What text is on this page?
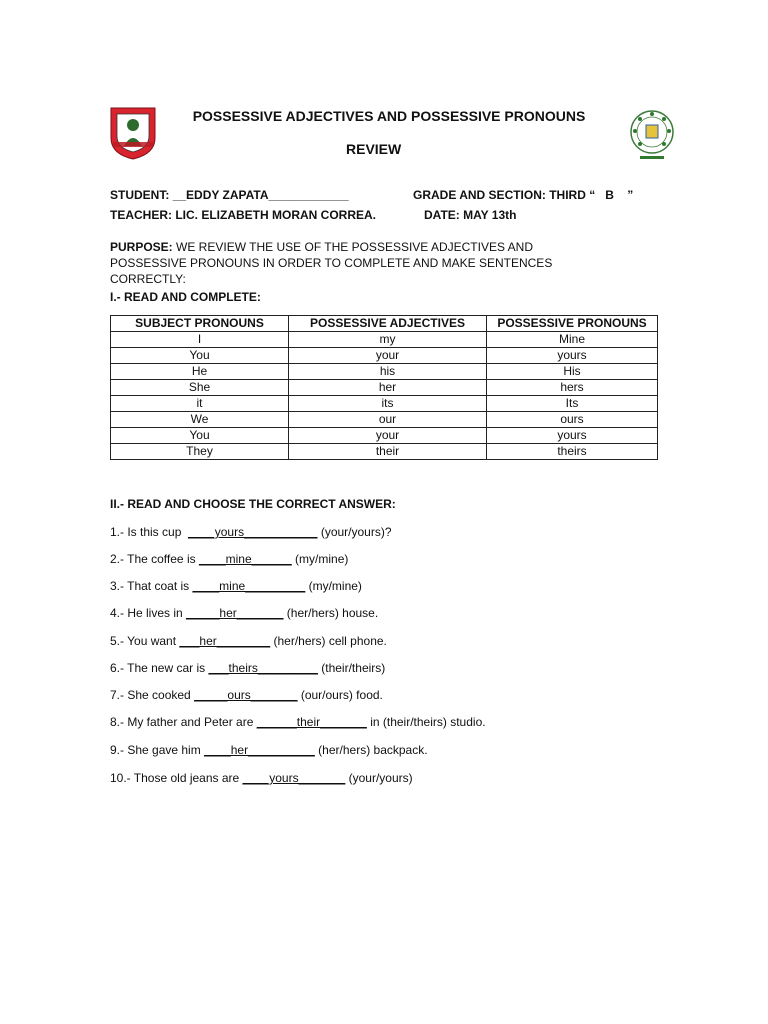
POSSESSIVE ADJECTIVES AND POSSESSIVE PRONOUNS
REVIEW
STUDENT: __EDDY ZAPATA____________	GRADE AND SECTION: THIRD “   B    ”
TEACHER: LIC. ELIZABETH MORAN CORREA.	DATE: MAY 13th
PURPOSE: WE REVIEW THE USE OF THE POSSESSIVE ADJECTIVES AND POSSESSIVE PRONOUNS IN ORDER TO COMPLETE AND MAKE SENTENCES CORRECTLY:
I.- READ AND COMPLETE:
SUBJECT PRONOUNS	POSSESSIVE ADJECTIVES	POSSESSIVE PRONOUNS
I	my	Mine
You	your	yours
He	his	His
She	her	hers
it	its	Its
We	our	ours
You	your	yours
They	their	theirs
II.- READ AND CHOOSE THE CORRECT ANSWER:
1.- Is this cup  ____yours___________ (your/yours)?
2.- The coffee is ____mine______ (my/mine)
3.- That coat is ____mine_________ (my/mine)
4.- He lives in _____her_______ (her/hers) house.
5.- You want ___her________ (her/hers) cell phone.
6.- The new car is ___theirs_________ (their/theirs)
7.- She cooked _____ours_______ (our/ours) food.
8.- My father and Peter are ______their_______ in (their/theirs) studio.
9.- She gave him ____her__________ (her/hers) backpack.
10.- Those old jeans are ____yours_______ (your/yours)
